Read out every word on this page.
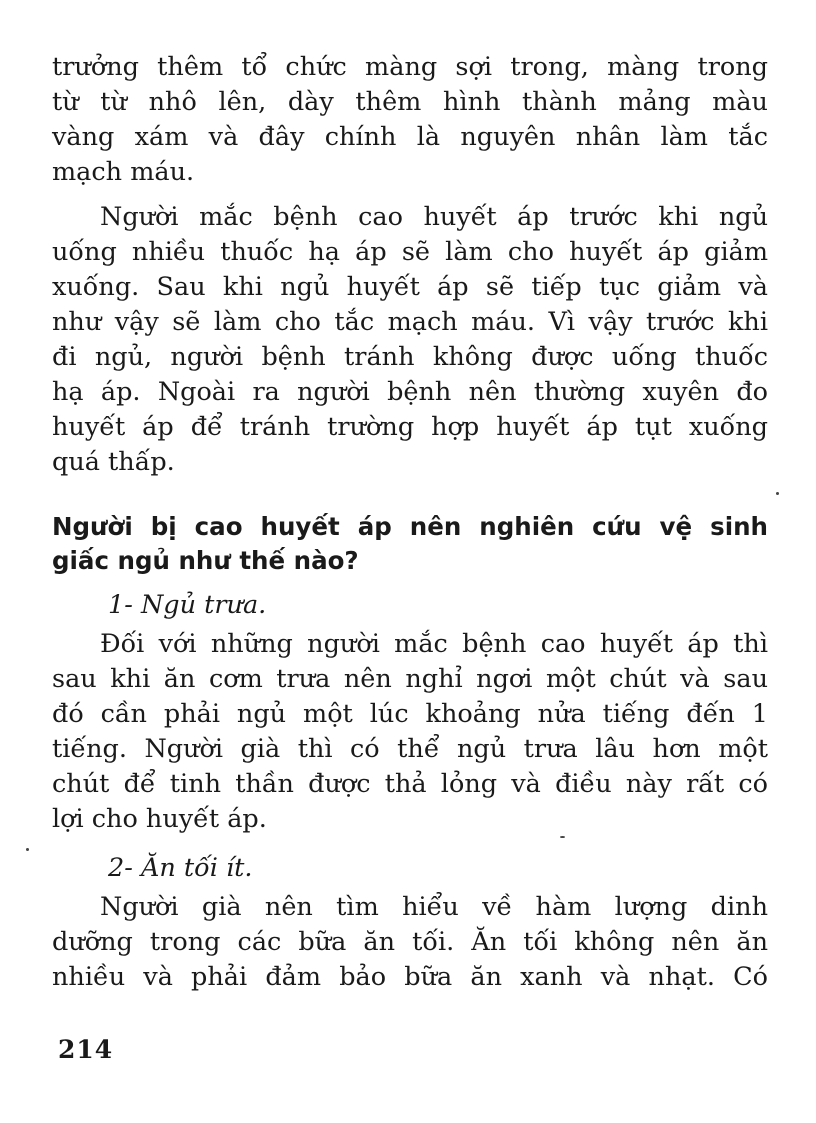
trưởng thêm tổ chức màng sợi trong, màng trong
từ từ nhô lên, dày thêm hình thành mảng màu
vàng xám và đây chính là nguyên nhân làm tắc
mạch máu.

Người mắc bệnh cao huyết áp trước khi ngủ
uống nhiều thuốc hạ áp sẽ làm cho huyết áp giảm
xuống. Sau khi ngủ huyết áp sẽ tiếp tục giảm và
như vậy sẽ làm cho tắc mạch máu. Vì vậy trước khi
đi ngủ, người bệnh tránh không được uống thuốc
hạ áp. Ngoài ra người bệnh nên thường xuyên đo
huyết áp để tránh trường hợp huyết áp tụt xuống
quá thấp.

Người bị cao huyết áp nên nghiên cứu vệ sinh
giấc ngủ như thế nào?
1- Ngủ trưa.

Đối với những người mắc bệnh cao huyết áp thì
sau khi ăn cơm trưa nên nghỉ ngơi một chút và sau
đó cần phải ngủ một lúc khoảng nửa tiếng đến 1
tiếng. Người già thì có thể ngủ trưa lâu hơn một
chút để tinh thần được thả lỏng và điều này rất có
lợi cho huyết áp.

2- Ăn tối ít.

Người già nên tìm hiểu về hàm lượng dinh
dưỡng trong các bữa ăn tối. Ăn tối không nên ăn
nhiều và phải đảm bảo bữa ăn xanh và nhạt. Có

214
